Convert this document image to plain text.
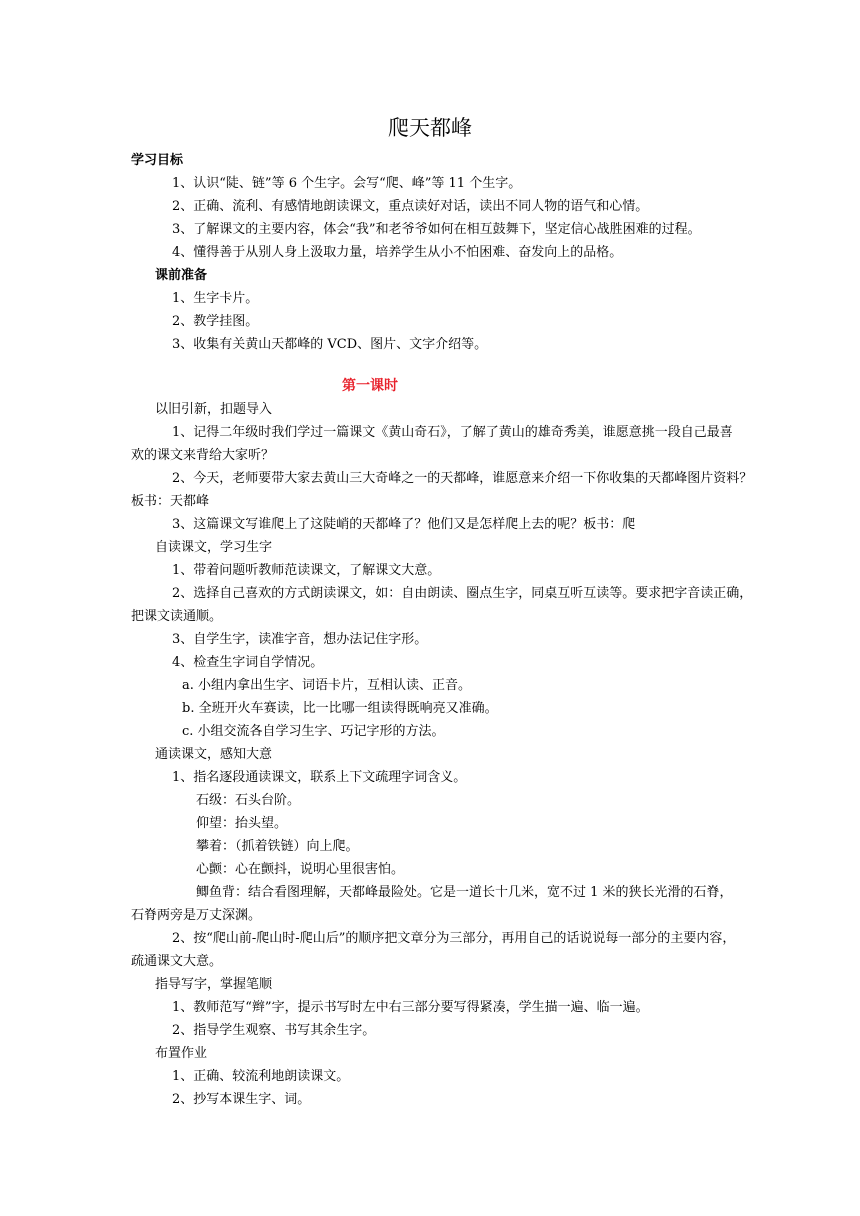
爬天都峰
学习目标
1、认识“陡、链”等 6 个生字。会写“爬、峰”等 11 个生字。
2、正确、流利、有感情地朗读课文，重点读好对话，读出不同人物的语气和心情。
3、了解课文的主要内容，体会“我”和老爷爷如何在相互鼓舞下，坚定信心战胜困难的过程。
4、懂得善于从别人身上汲取力量，培养学生从小不怕困难、奋发向上的品格。
课前准备
1、生字卡片。
2、教学挂图。
3、收集有关黄山天都峰的 VCD、图片、文字介绍等。
第一课时
以旧引新，扣题导入
1、记得二年级时我们学过一篇课文《黄山奇石》，了解了黄山的雄奇秀美，谁愿意挑一段自己最喜
欢的课文来背给大家听？
2、今天，老师要带大家去黄山三大奇峰之一的天都峰，谁愿意来介绍一下你收集的天都峰图片资料？
板书：天都峰
3、这篇课文写谁爬上了这陡峭的天都峰了？他们又是怎样爬上去的呢？板书：爬
自读课文，学习生字
1、带着问题听教师范读课文，了解课文大意。
2、选择自己喜欢的方式朗读课文，如：自由朗读、圈点生字，同桌互听互读等。要求把字音读正确，
把课文读通顺。
3、自学生字，读准字音，想办法记住字形。
4、检查生字词自学情况。
a. 小组内拿出生字、词语卡片，互相认读、正音。
b. 全班开火车赛读，比一比哪一组读得既响亮又准确。
c. 小组交流各自学习生字、巧记字形的方法。
通读课文，感知大意
1、指名逐段通读课文，联系上下文疏理字词含义。
石级：石头台阶。
仰望：抬头望。
攀着：（抓着铁链）向上爬。
心颤：心在颤抖，说明心里很害怕。
鲫鱼背：结合看图理解，天都峰最险处。它是一道长十几米，宽不过 1 米的狭长光滑的石脊，
石脊两旁是万丈深渊。
2、按“爬山前-爬山时-爬山后”的顺序把文章分为三部分，再用自己的话说说每一部分的主要内容，
疏通课文大意。
指导写字，掌握笔顺
1、教师范写“辫”字，提示书写时左中右三部分要写得紧凑，学生描一遍、临一遍。
2、指导学生观察、书写其余生字。
布置作业
1、正确、较流利地朗读课文。
2、抄写本课生字、词。
